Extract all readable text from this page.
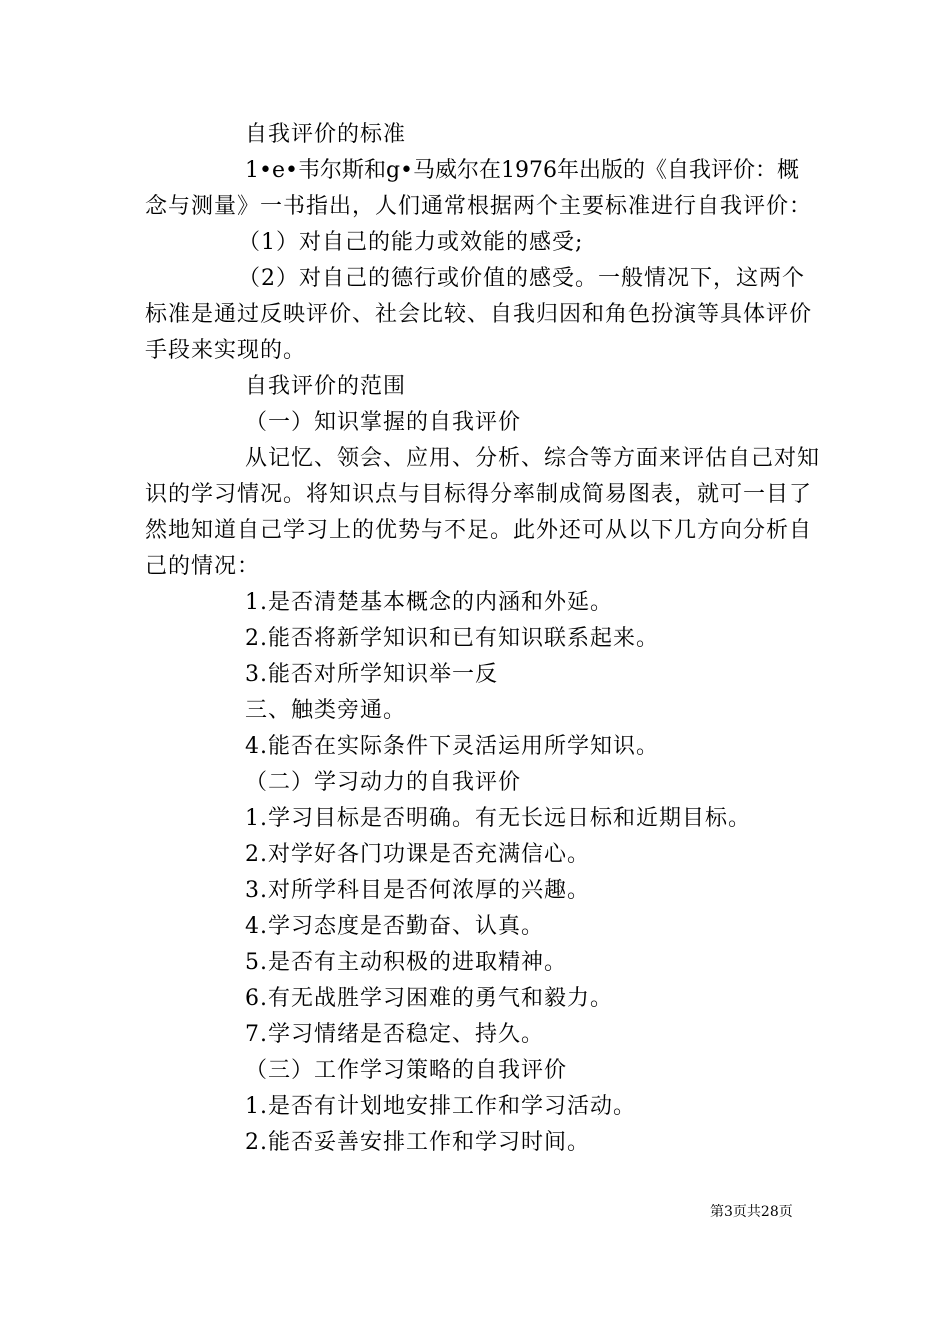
自我评价的标准
1•e•韦尔斯和g•马威尔在1976年出版的《自我评价：概
念与测量》一书指出，人们通常根据两个主要标准进行自我评价：
（1）对自己的能力或效能的感受;
（2）对自己的德行或价值的感受。一般情况下，这两个
标准是通过反映评价、社会比较、自我归因和角色扮演等具体评价
手段来实现的。
自我评价的范围
（一）知识掌握的自我评价
从记忆、领会、应用、分析、综合等方面来评估自己对知
识的学习情况。将知识点与目标得分率制成简易图表，就可一目了
然地知道自己学习上的优势与不足。此外还可从以下几方向分析自
己的情况：
1.是否清楚基本概念的内涵和外延。
2.能否将新学知识和已有知识联系起来。
3.能否对所学知识举一反
三、触类旁通。
4.能否在实际条件下灵活运用所学知识。
（二）学习动力的自我评价
1.学习目标是否明确。有无长远日标和近期目标。
2.对学好各门功课是否充满信心。
3.对所学科目是否何浓厚的兴趣。
4.学习态度是否勤奋、认真。
5.是否有主动积极的进取精神。
6.有无战胜学习困难的勇气和毅力。
7.学习情绪是否稳定、持久。
（三）工作学习策略的自我评价
1.是否有计划地安排工作和学习活动。
2.能否妥善安排工作和学习时间。
第3页共28页
